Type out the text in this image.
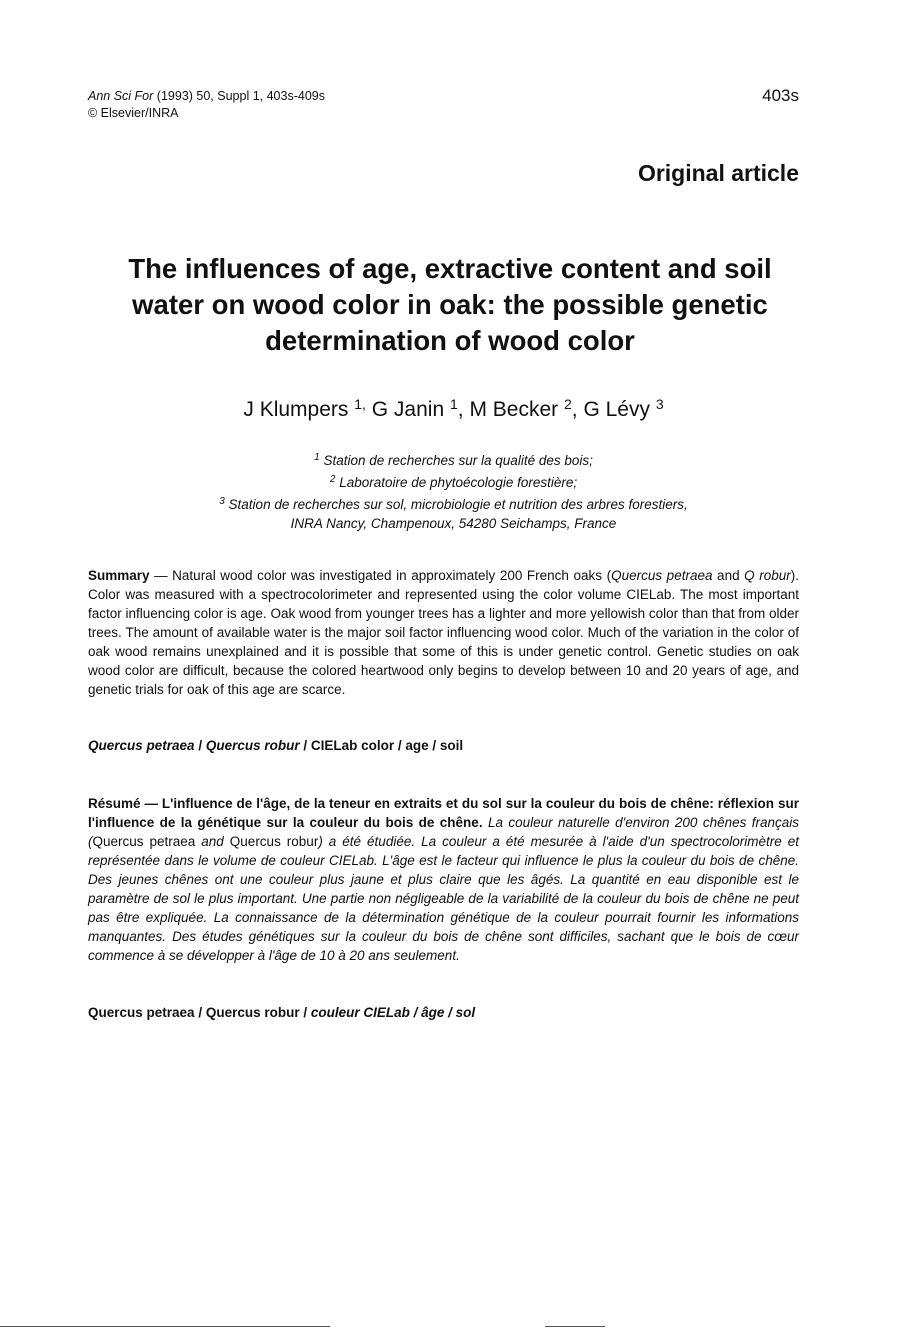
Ann Sci For (1993) 50, Suppl 1, 403s-409s
© Elsevier/INRA
403s
Original article
The influences of age, extractive content and soil
water on wood color in oak: the possible genetic
determination of wood color
J Klumpers $^{1,}$ G Janin $^1$, M Becker $^2$, G Lévy $^3$
$^1$ Station de recherches sur la qualité des bois;
$^2$ Laboratoire de phytoécologie forestière;
$^3$ Station de recherches sur sol, microbiologie et nutrition des arbres forestiers,
INRA Nancy, Champenoux, 54280 Seichamps, France

Summary — Natural wood color was investigated in approximately 200 French oaks (Quercus petraea and Q robur). Color was measured with a spectrocolorimeter and represented using the color volume CIELab. The most important factor influencing color is age. Oak wood from younger trees has a lighter and more yellowish color than that from older trees. The amount of available water is the major soil factor influencing wood color. Much of the variation in the color of oak wood remains unexplained and it is possible that some of this is under genetic control. Genetic studies on oak wood color are difficult, because the colored heartwood only begins to develop between 10 and 20 years of age, and genetic trials for oak of this age are scarce.

Quercus petraea / Quercus robur / CIELab color / age / soil

Résumé — L'influence de l'âge, de la teneur en extraits et du sol sur la couleur du bois de chêne: réflexion sur l'influence de la génétique sur la couleur du bois de chêne. La couleur naturelle d'environ 200 chênes français (Quercus petraea and Quercus robur) a été étudiée. La couleur a été mesurée à l'aide d'un spectrocolorimètre et représentée dans le volume de couleur CIELab. L'âge est le facteur qui influence le plus la couleur du bois de chêne. Des jeunes chênes ont une couleur plus jaune et plus claire que les âgés. La quantité en eau disponible est le paramètre de sol le plus important. Une partie non négligeable de la variabilité de la couleur du bois de chêne ne peut pas être expliquée. La connaissance de la détermination génétique de la couleur pourrait fournir les informations manquantes. Des études génétiques sur la couleur du bois de chêne sont difficiles, sachant que le bois de cœur commence à se développer à l'âge de 10 à 20 ans seulement.

Quercus petraea / Quercus robur / couleur CIELab / âge / sol
